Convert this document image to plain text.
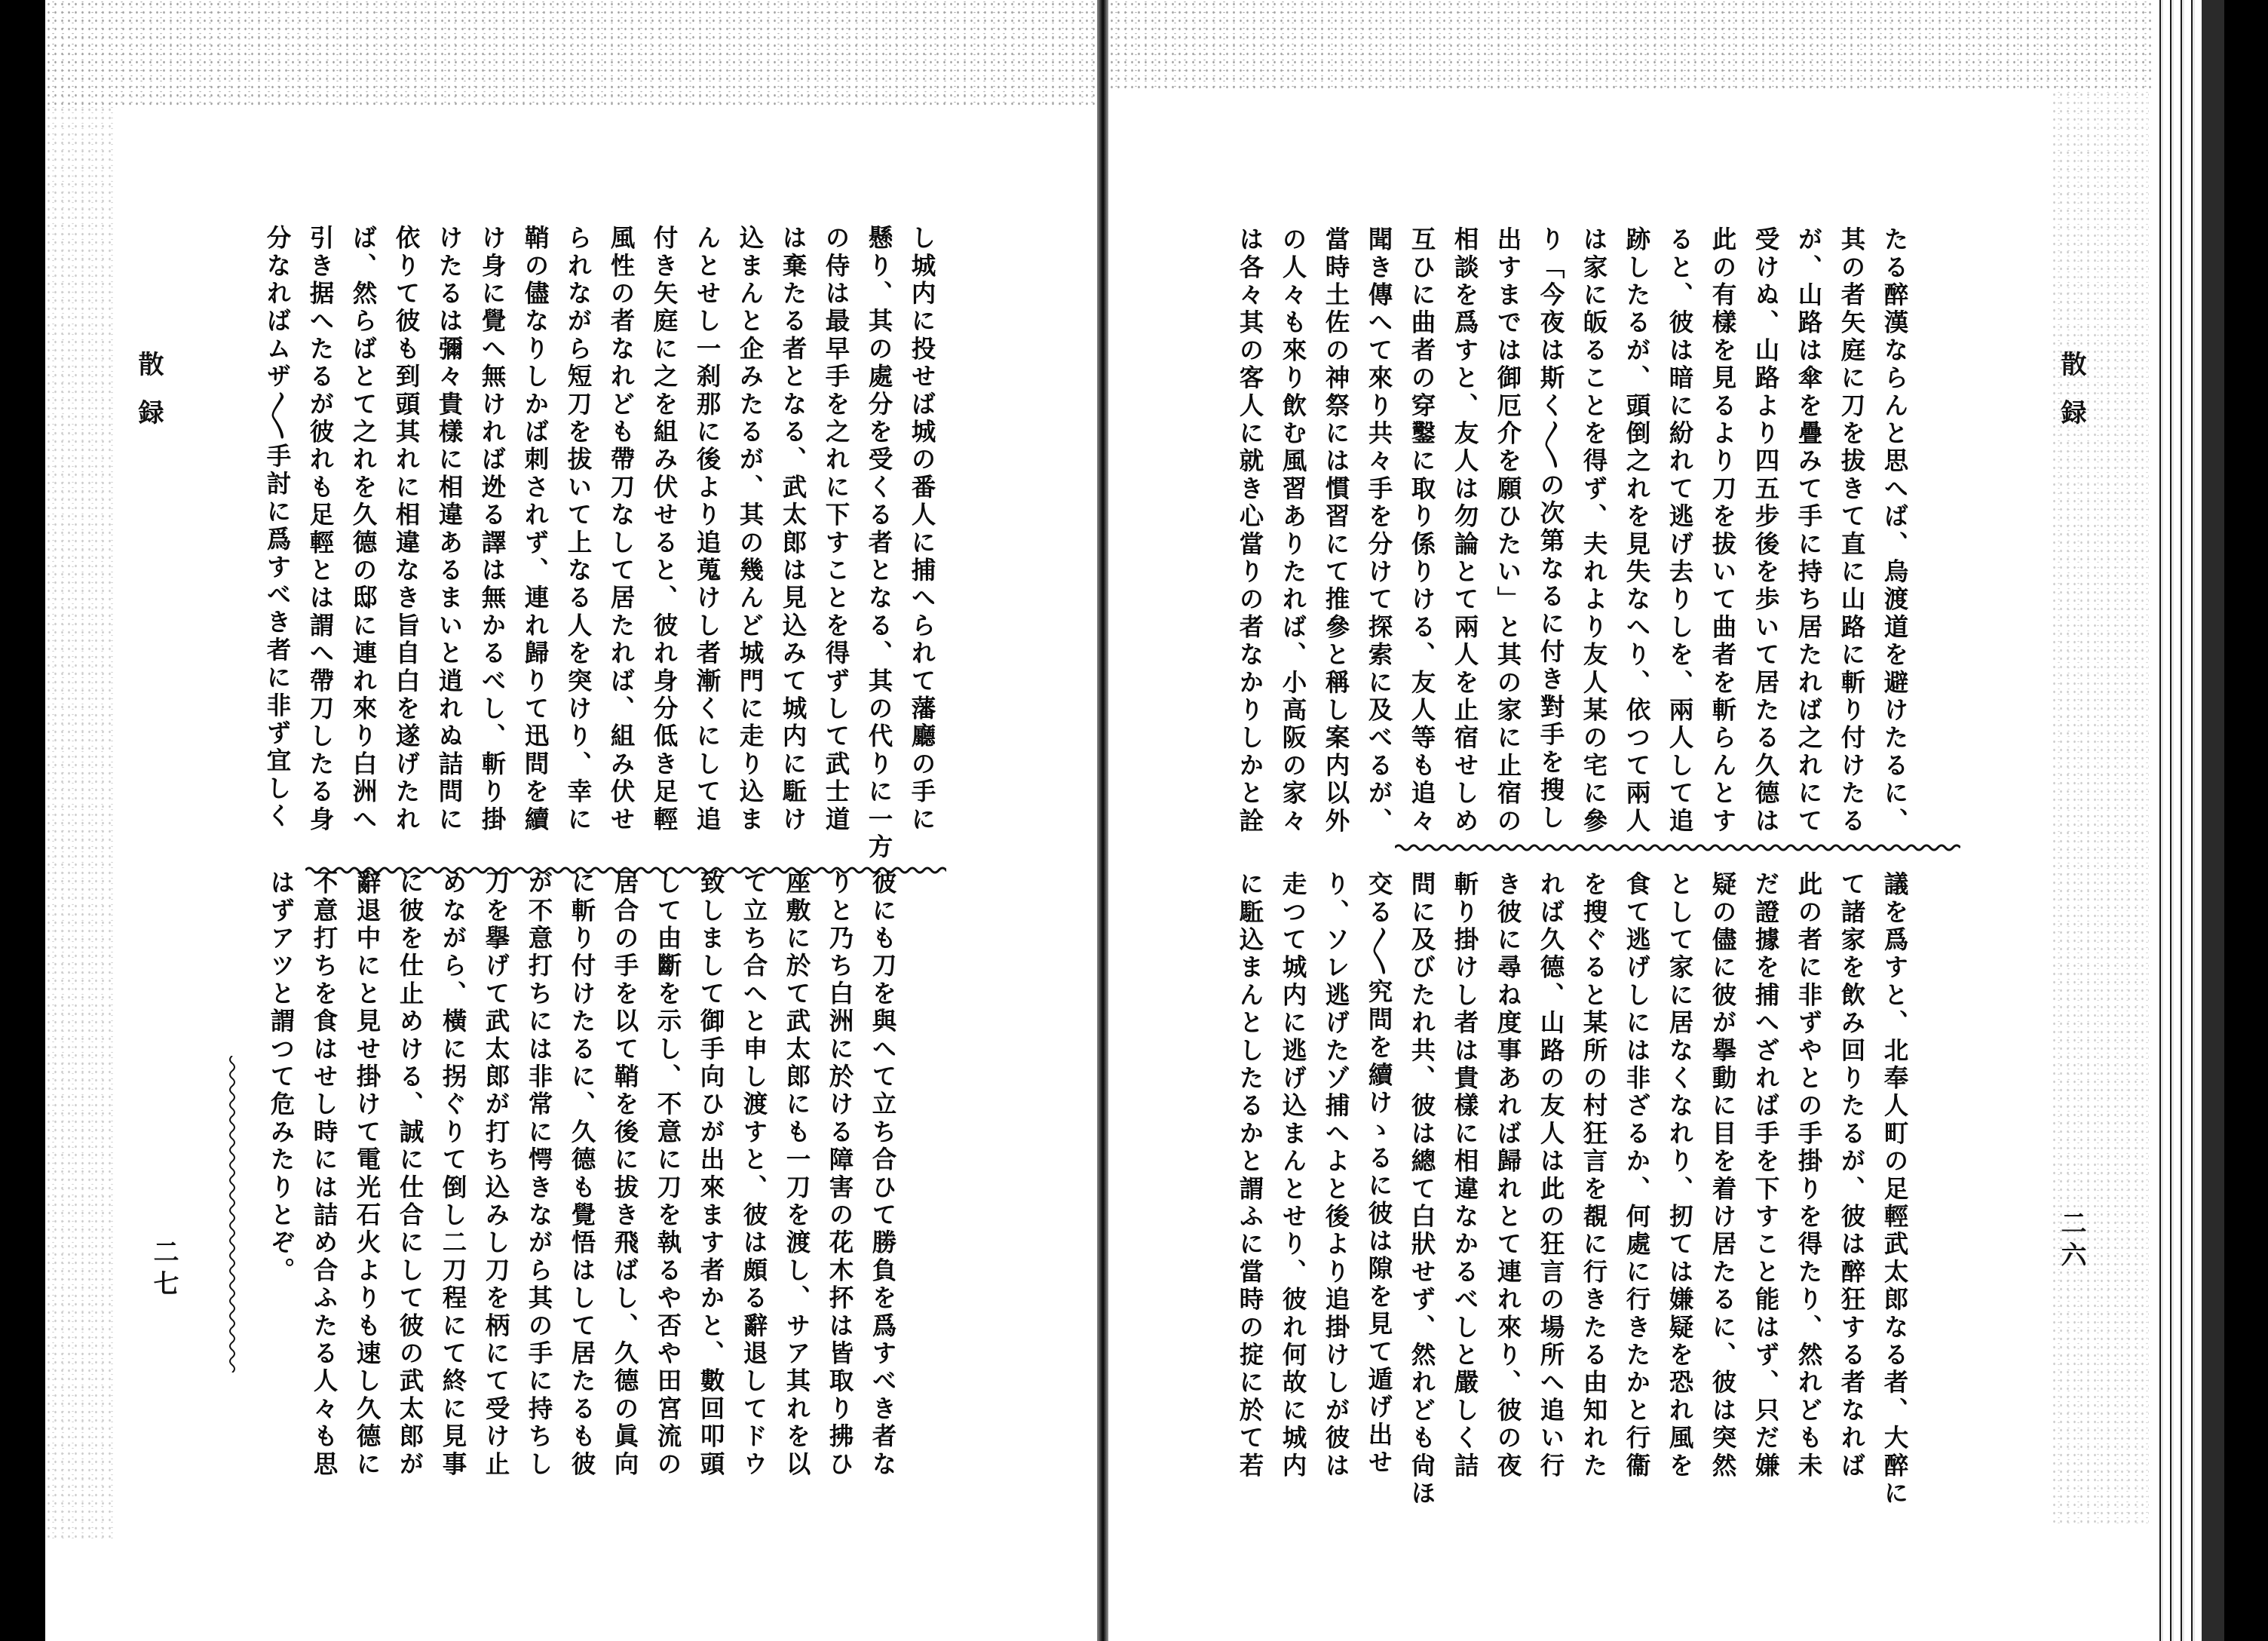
散録
二六
たる醉漢ならんと思へば、烏渡道を避けたるに、
其の者矢庭に刀を拔きて直に山路に斬り付けたる
が、山路は傘を疊みて手に持ち居たれば之れにて
受けぬ、山路より四五步後を歩いて居たる久德は
此の有樣を見るより刀を拔いて曲者を斬らんとす
ると、彼は暗に紛れて逃げ去りしを、兩人して追
跡したるが、頭倒之れを見失なへり、依つて兩人
は家に皈ることを得ず、夫れより友人某の宅に參
り「今夜は斯く〳〵の次第なるに付き對手を搜し
出すまでは御厄介を願ひたい」と其の家に止宿の
相談を爲すと、友人は勿論とて兩人を止宿せしめ
互ひに曲者の穿鑿に取り係りける、友人等も追々
聞き傳へて來り共々手を分けて探索に及べるが、
當時土佐の神祭には慣習にて推參と稱し案内以外
の人々も來り飲む風習ありたれば、小高阪の家々
は各々其の客人に就き心當りの者なかりしかと詮
議を爲すと、北奉人町の足輕武太郎なる者、大醉に
て諸家を飲み回りたるが、彼は醉狂する者なれば
此の者に非ずやとの手掛りを得たり、然れども未
だ證據を捕へざれば手を下すこと能はず、只だ嫌
疑の儘に彼が擧動に目を着け居たるに、彼は突然
として家に居なくなれり、扨ては嫌疑を恐れ風を
食て逃げしには非ざるか、何處に行きたかと行衞
を搜ぐると某所の村狂言を覩に行きたる由知れた
れば久德、山路の友人は此の狂言の場所へ追い行
き彼に尋ね度事あれば歸れとて連れ來り、彼の夜
斬り掛けし者は貴樣に相違なかるべしと嚴しく詰
問に及びたれ共、彼は總て白狀せず、然れども尙ほ
交る〳〵究問を續けゝるに彼は隙を見て遁げ出せ
り、ソレ逃げたゾ捕へよと後より追掛けしが彼は
走つて城内に逃げ込まんとせり、彼れ何故に城内
に駈込まんとしたるかと謂ふに當時の掟に於て若
散録
二七
し城内に投せば城の番人に捕へられて藩廳の手に
懸り、其の處分を受くる者となる、其の代りに一方
の侍は最早手を之れに下すことを得ずして武士道
は棄たる者となる、武太郎は見込みて城内に駈け
込まんと企みたるが、其の幾んど城門に走り込ま
んとせし一刹那に後より追蒐けし者漸くにして追
付き矢庭に之を組み伏せると、彼れ身分低き足輕
風性の者なれども帶刀なして居たれば、組み伏せ
られながら短刀を拔いて上なる人を突けり、幸に
鞘の儘なりしかば刺されず、連れ歸りて迅問を續
け身に覺へ無ければ迯る譯は無かるべし、斬り掛
けたるは彌々貴樣に相違あるまいと逍れぬ詰問に
依りて彼も到頭其れに相違なき旨自白を遂げたれ
ば、然らばとて之れを久德の邸に連れ來り白洲へ
引き据へたるが彼れも足輕とは謂へ帶刀したる身
分なればムザ〳〵手討に爲すべき者に非ず宜しく
彼にも刀を與へて立ち合ひて勝負を爲すべき者な
りと乃ち白洲に於ける障害の花木抔は皆取り拂ひ
座敷に於て武太郎にも一刀を渡し、サア其れを以
て立ち合へと申し渡すと、彼は頗る辭退してドウ
致しまして御手向ひが出來ます者かと、數回叩頭
して由斷を示し、不意に刀を執るや否や田宮流の
居合の手を以て鞘を後に拔き飛ばし、久德の眞向
に斬り付けたるに、久德も覺悟はして居たるも彼
が不意打ちには非常に愕きながら其の手に持ちし
刀を擧げて武太郎が打ち込みし刀を柄にて受け止
めながら、橫に拐ぐりて倒し二刀程にて終に見事
に彼を仕止めける、誠に仕合にして彼の武太郎が
辭退中にと見せ掛けて電光石火よりも速し久德に
不意打ちを食はせし時には詰め合ふたる人々も思
はずアツと謂つて危みたりとぞ。
